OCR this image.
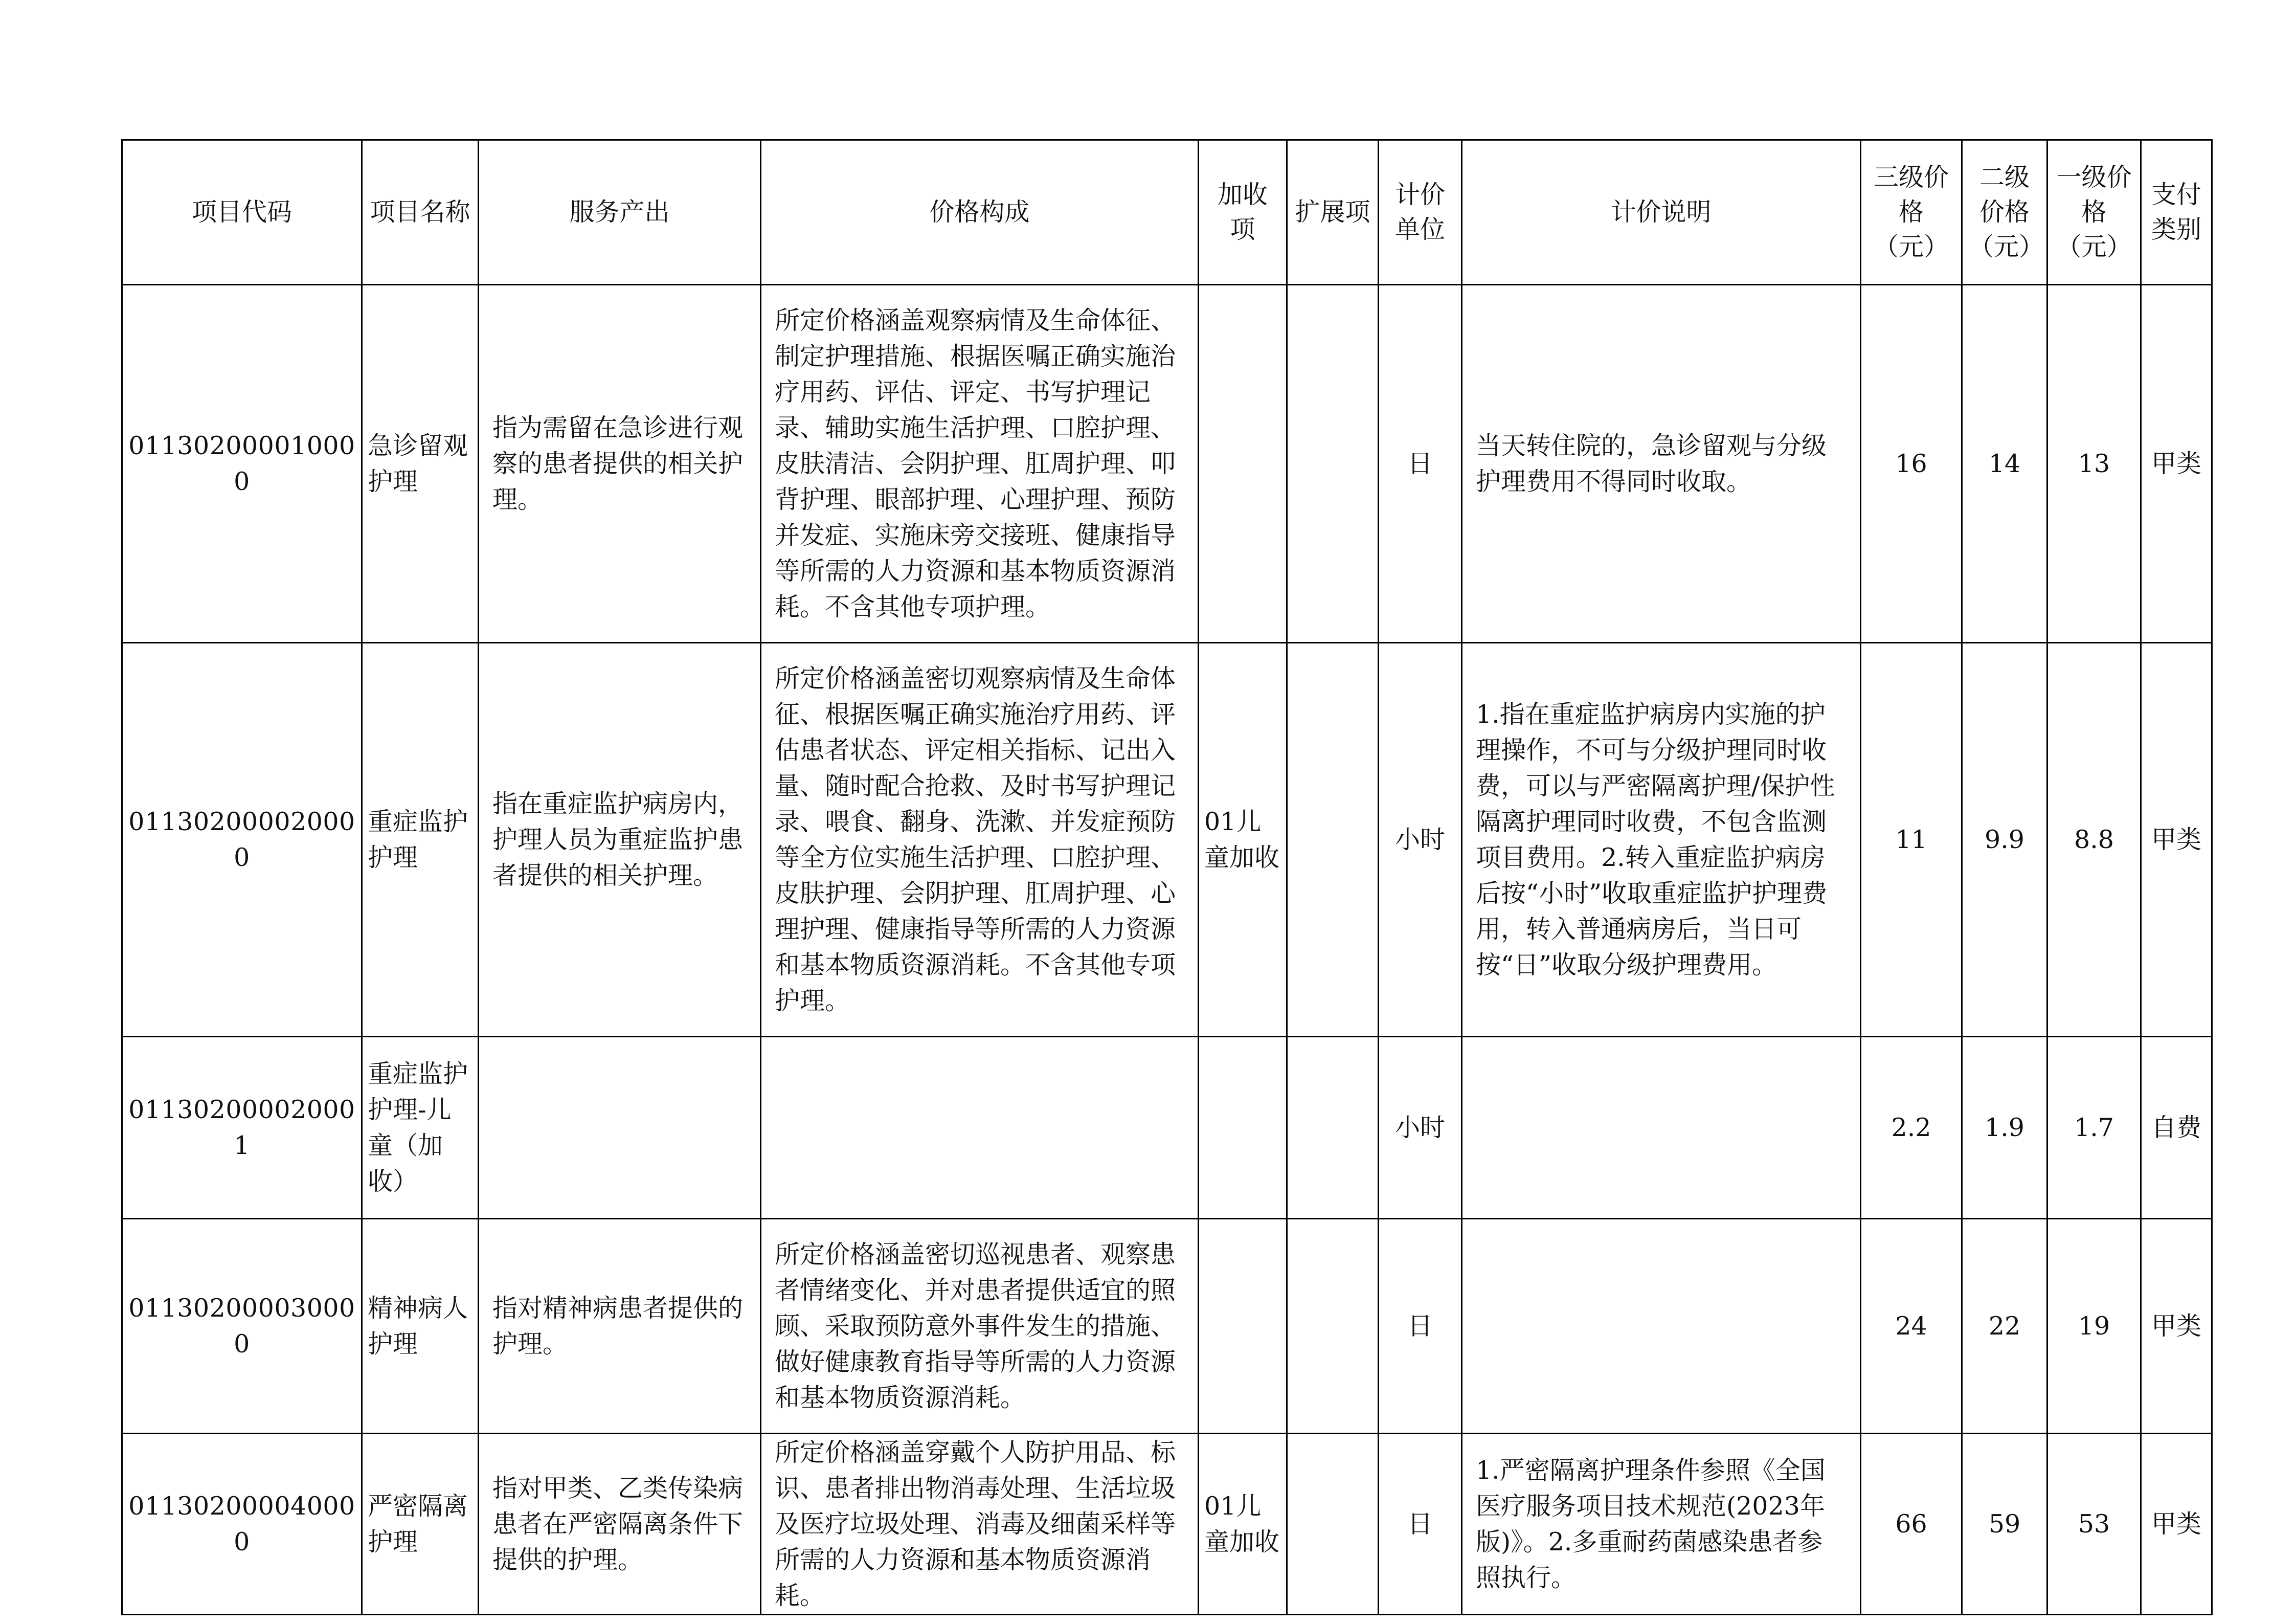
项目代码	项目名称	服务产出	价格构成	加收项	扩展项	计价单位	计价说明	三级价格（元）	二级价格（元）	一级价格（元）	支付类别
011302000010000	急诊留观护理	指为需留在急诊进行观察的患者提供的相关护理。	所定价格涵盖观察病情及生命体征、制定护理措施、根据医嘱正确实施治疗用药、评估、评定、书写护理记录、辅助实施生活护理、口腔护理、皮肤清洁、会阴护理、肛周护理、叩背护理、眼部护理、心理护理、预防并发症、实施床旁交接班、健康指导等所需的人力资源和基本物质资源消耗。不含其他专项护理。			日	当天转住院的，急诊留观与分级护理费用不得同时收取。	16	14	13	甲类
011302000020000	重症监护护理	指在重症监护病房内，护理人员为重症监护患者提供的相关护理。	所定价格涵盖密切观察病情及生命体征、根据医嘱正确实施治疗用药、评估患者状态、评定相关指标、记出入量、随时配合抢救、及时书写护理记录、喂食、翻身、洗漱、并发症预防等全方位实施生活护理、口腔护理、皮肤护理、会阴护理、肛周护理、心理护理、健康指导等所需的人力资源和基本物质资源消耗。不含其他专项护理。	01儿童加收		小时	1.指在重症监护病房内实施的护理操作，不可与分级护理同时收费，可以与严密隔离护理/保护性隔离护理同时收费，不包含监测项目费用。2.转入重症监护病房后按“小时”收取重症监护护理费用，转入普通病房后，当日可按“日”收取分级护理费用。	11	9.9	8.8	甲类
011302000020001	重症监护护理-儿童（加收）					小时		2.2	1.9	1.7	自费
011302000030000	精神病人护理	指对精神病患者提供的护理。	所定价格涵盖密切巡视患者、观察患者情绪变化、并对患者提供适宜的照顾、采取预防意外事件发生的措施、做好健康教育指导等所需的人力资源和基本物质资源消耗。			日		24	22	19	甲类
011302000040000	严密隔离护理	指对甲类、乙类传染病患者在严密隔离条件下提供的护理。	所定价格涵盖穿戴个人防护用品、标识、患者排出物消毒处理、生活垃圾及医疗垃圾处理、消毒及细菌采样等所需的人力资源和基本物质资源消耗。	01儿童加收		日	1.严密隔离护理条件参照《全国医疗服务项目技术规范(2023年版)》。2.多重耐药菌感染患者参照执行。	66	59	53	甲类
